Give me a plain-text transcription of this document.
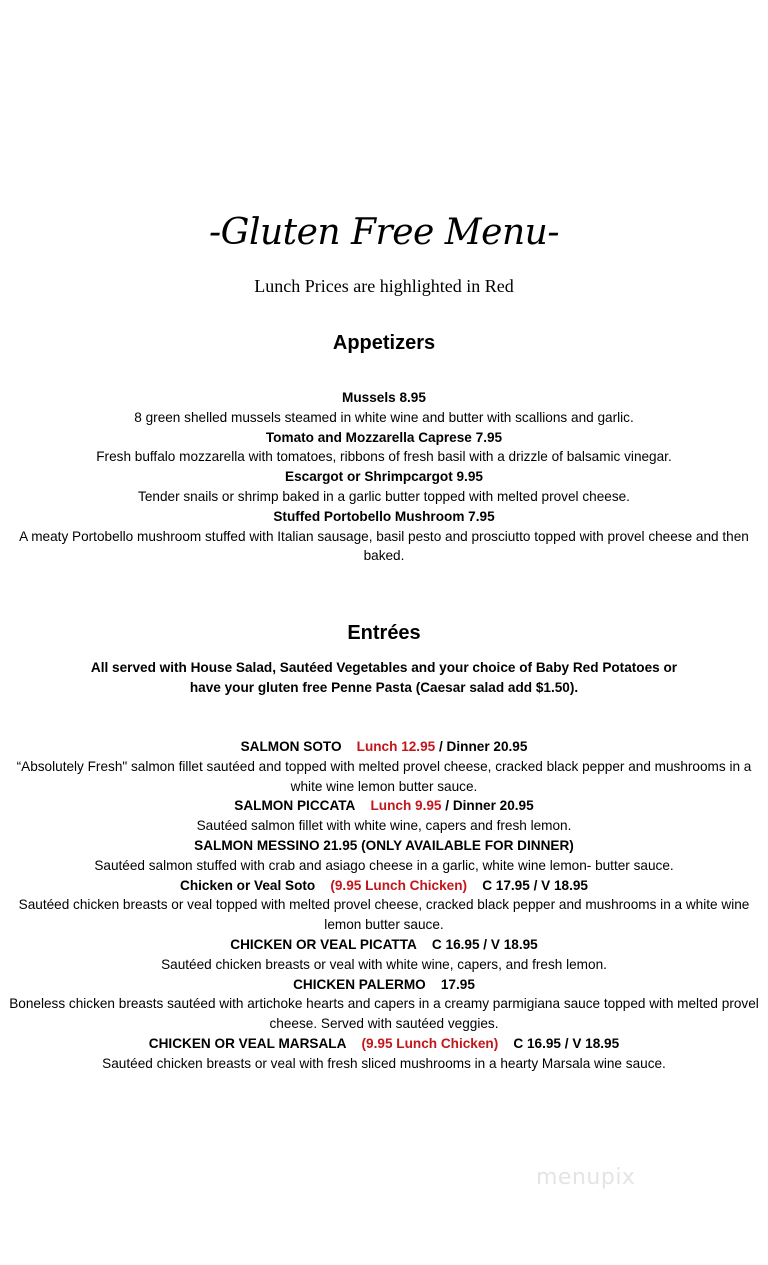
-Gluten Free Menu-
Lunch Prices are highlighted in Red
Appetizers
Mussels 8.95
8 green shelled mussels steamed in white wine and butter with scallions and garlic.
Tomato and Mozzarella Caprese 7.95
Fresh buffalo mozzarella with tomatoes, ribbons of fresh basil with a drizzle of balsamic vinegar.
Escargot or Shrimpcargot 9.95
Tender snails or shrimp baked in a garlic butter topped with melted provel cheese.
Stuffed Portobello Mushroom 7.95
A meaty Portobello mushroom stuffed with Italian sausage, basil pesto and prosciutto topped with provel cheese and then baked.
Entrées
All served with House Salad, Sautéed Vegetables and your choice of Baby Red Potatoes or have your gluten free Penne Pasta (Caesar salad add $1.50).
SALMON SOTO Lunch 12.95 / Dinner 20.95
“Absolutely Fresh" salmon fillet sautéed and topped with melted provel cheese, cracked black pepper and mushrooms in a white wine lemon butter sauce.
SALMON PICCATA Lunch 9.95 / Dinner 20.95
Sautéed salmon fillet with white wine, capers and fresh lemon.
SALMON MESSINO 21.95 (ONLY AVAILABLE FOR DINNER)
Sautéed salmon stuffed with crab and asiago cheese in a garlic, white wine lemon- butter sauce.
Chicken or Veal Soto (9.95 Lunch Chicken) C 17.95 / V 18.95
Sautéed chicken breasts or veal topped with melted provel cheese, cracked black pepper and mushrooms in a white wine lemon butter sauce.
CHICKEN OR VEAL PICATTA C 16.95 / V 18.95
Sautéed chicken breasts or veal with white wine, capers, and fresh lemon.
CHICKEN PALERMO 17.95
Boneless chicken breasts sautéed with artichoke hearts and capers in a creamy parmigiana sauce topped with melted provel cheese. Served with sautéed veggies.
CHICKEN OR VEAL MARSALA (9.95 Lunch Chicken) C 16.95 / V 18.95
Sautéed chicken breasts or veal with fresh sliced mushrooms in a hearty Marsala wine sauce.
menupix
